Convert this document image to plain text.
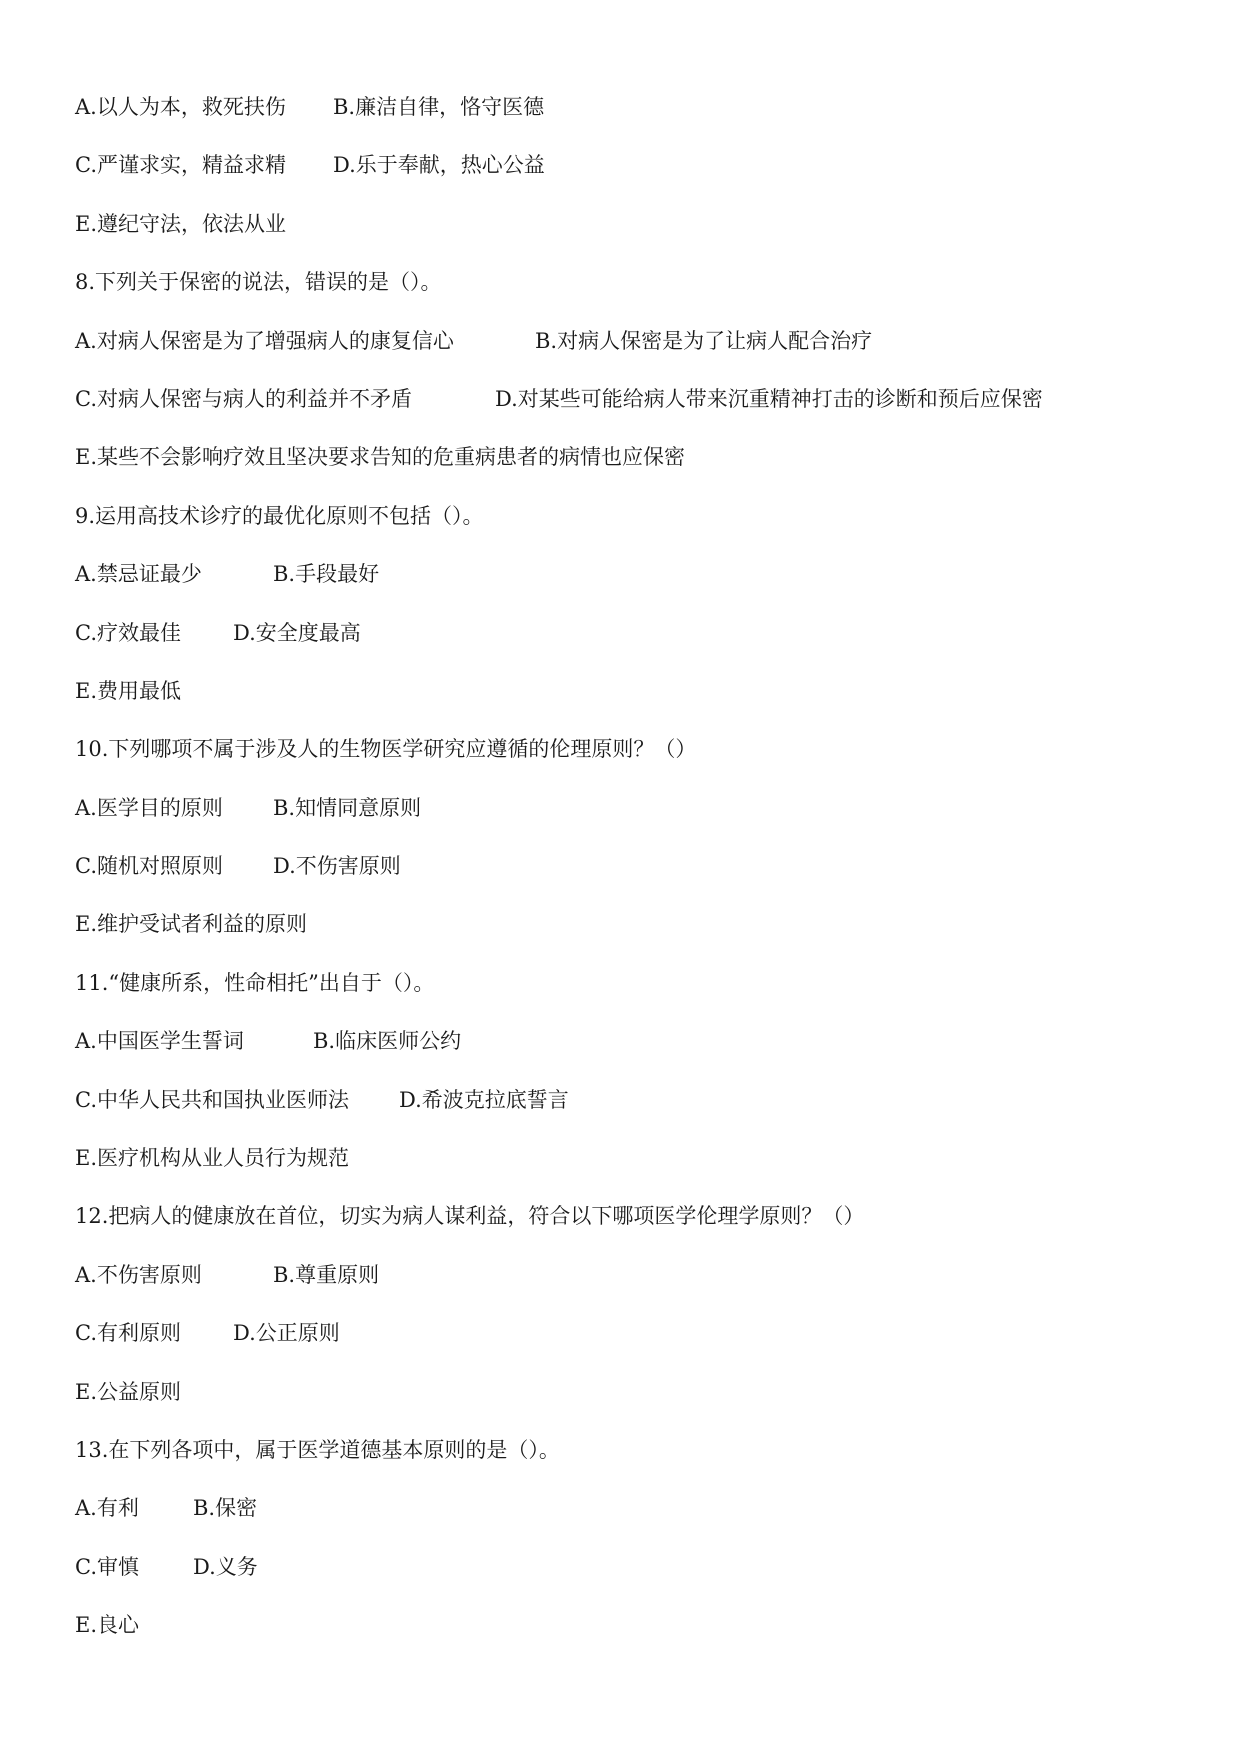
A.以人为本，救死扶伤 B.廉洁自律，恪守医德
C.严谨求实，精益求精 D.乐于奉献，热心公益
E.遵纪守法，依法从业
8.下列关于保密的说法，错误的是（）。
A.对病人保密是为了增强病人的康复信心	B.对病人保密是为了让病人配合治疗
C.对病人保密与病人的利益并不矛盾	D.对某些可能给病人带来沉重精神打击的诊断和预后应保密
E.某些不会影响疗效且坚决要求告知的危重病患者的病情也应保密
9.运用高技术诊疗的最优化原则不包括（）。
A.禁忌证最少	B.手段最好
C.疗效最佳 D.安全度最高
E.费用最低
10.下列哪项不属于涉及人的生物医学研究应遵循的伦理原则？（）
A.医学目的原则 B.知情同意原则
C.随机对照原则 D.不伤害原则
E.维护受试者利益的原则
11.“健康所系，性命相托”出自于（）。
A.中国医学生誓词	B.临床医师公约
C.中华人民共和国执业医师法 D.希波克拉底誓言
E.医疗机构从业人员行为规范
12.把病人的健康放在首位，切实为病人谋利益，符合以下哪项医学伦理学原则？（）
A.不伤害原则	B.尊重原则
C.有利原则 D.公正原则
E.公益原则
13.在下列各项中，属于医学道德基本原则的是（）。
A.有利	B.保密
C.审慎	D.义务
E.良心
